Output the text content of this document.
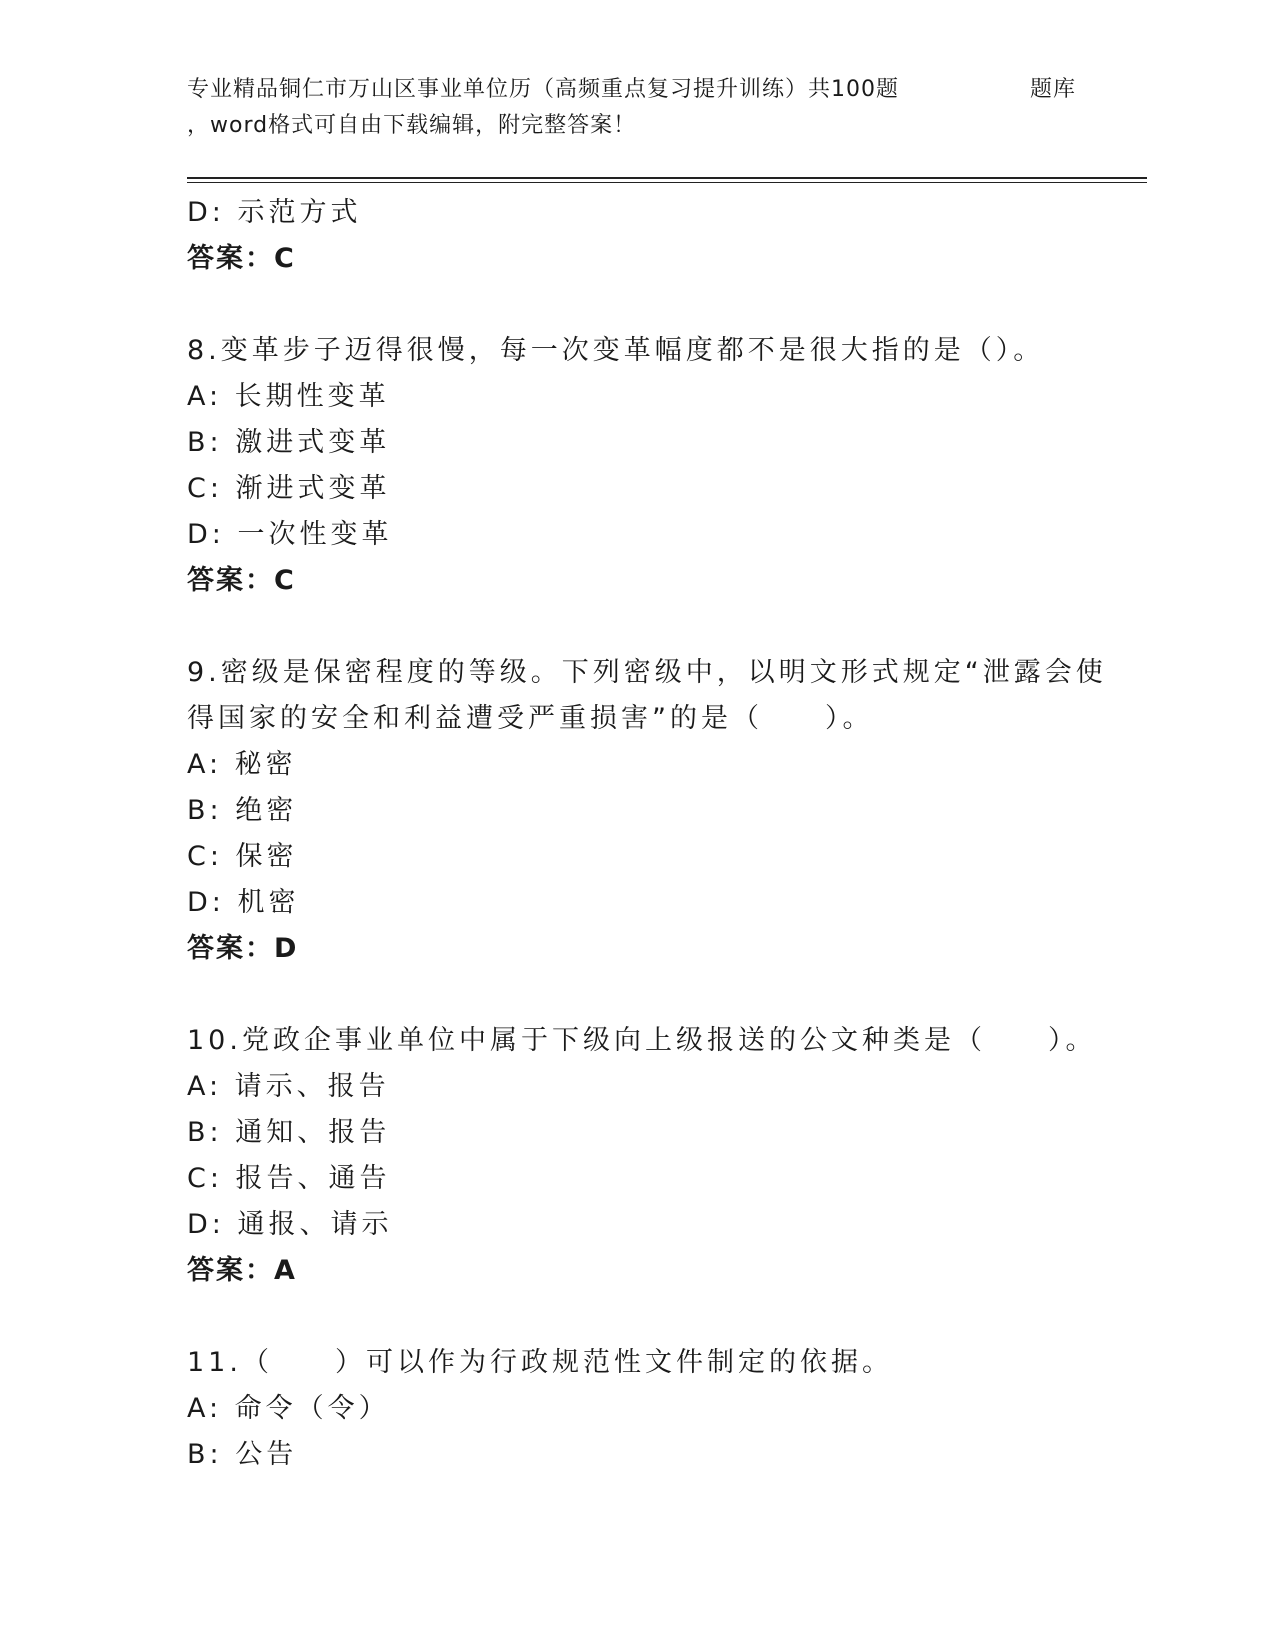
专业精品铜仁市万山区事业单位历（高频重点复习提升训练）共100题	题库
，word格式可自由下载编辑，附完整答案！
D: 示范方式
答案：C
8.变革步子迈得很慢，每一次变革幅度都不是很大指的是（）。
A: 长期性变革
B: 激进式变革
C: 渐进式变革
D: 一次性变革
答案：C
9.密级是保密程度的等级。下列密级中，以明文形式规定“泄露会使
得国家的安全和利益遭受严重损害”的是（　　）。
A: 秘密
B: 绝密
C: 保密
D: 机密
答案：D
10.党政企事业单位中属于下级向上级报送的公文种类是（　　）。
A: 请示、报告
B: 通知、报告
C: 报告、通告
D: 通报、请示
答案：A
11.（　　）可以作为行政规范性文件制定的依据。
A: 命令（令）
B: 公告
